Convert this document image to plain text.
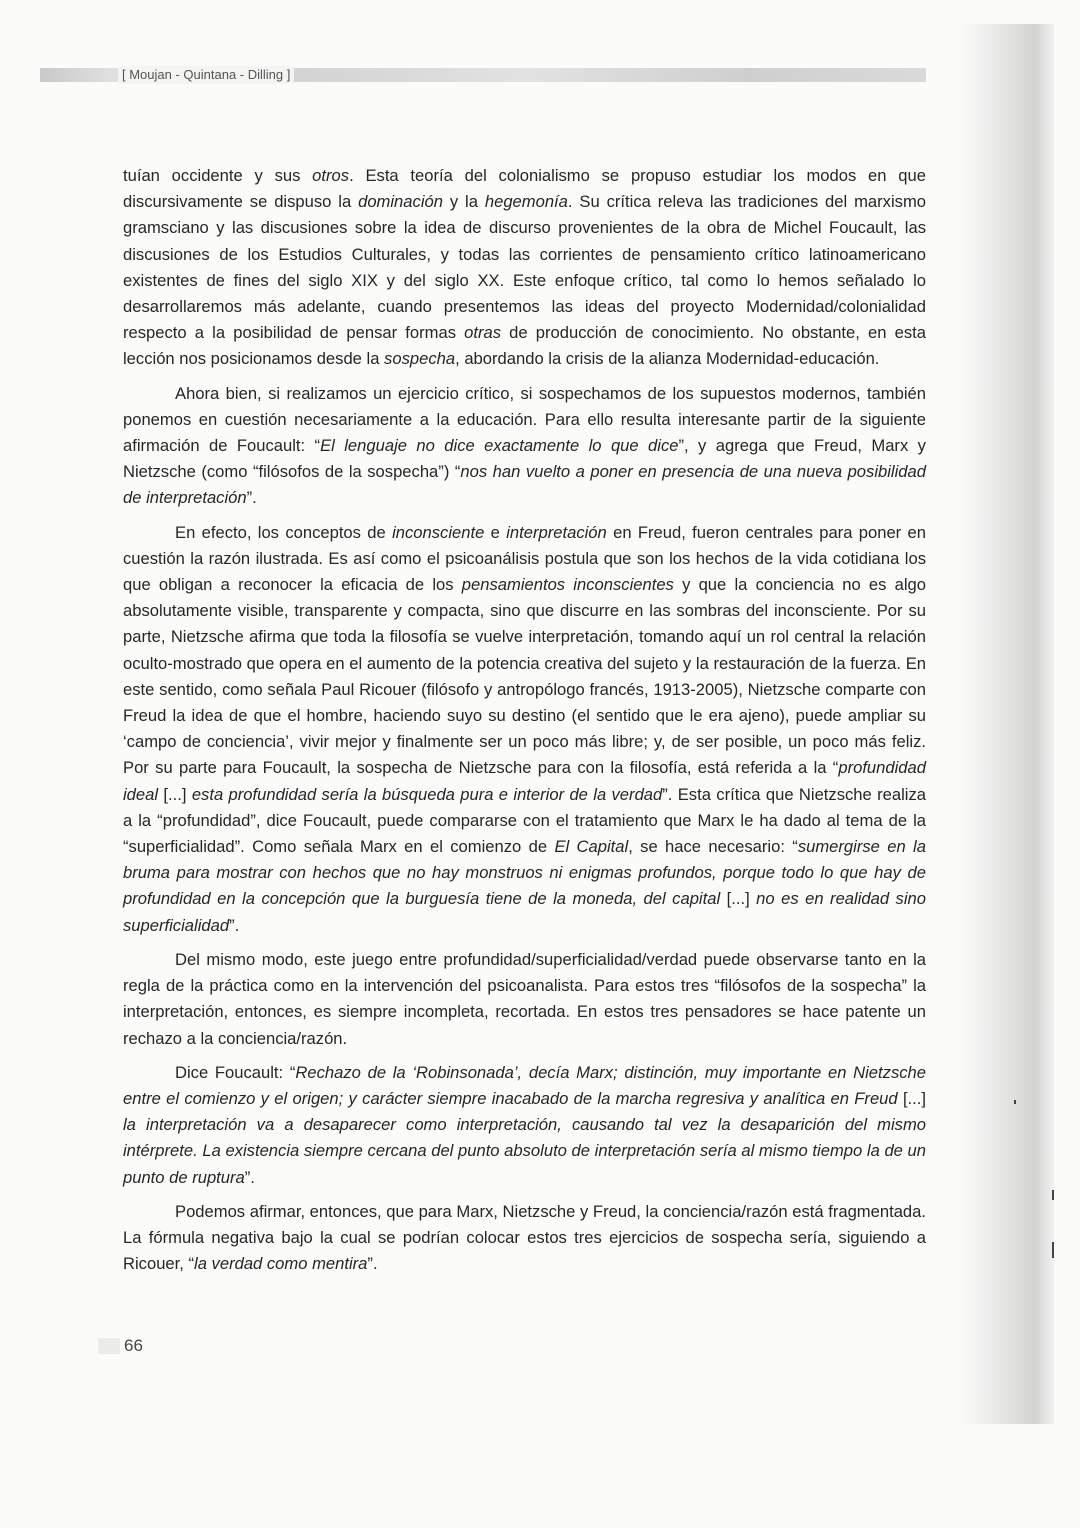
[ Moujan - Quintana - Dilling ]

tuían occidente y sus otros. Esta teoría del colonialismo se propuso estudiar los modos en que discursivamente se dispuso la dominación y la hegemonía. Su crítica releva las tradiciones del marxismo gramsciano y las discusiones sobre la idea de discurso provenientes de la obra de Michel Foucault, las discusiones de los Estudios Culturales, y todas las corrientes de pensamiento crítico latinoamericano existentes de fines del siglo XIX y del siglo XX. Este enfoque crítico, tal como lo hemos señalado lo desarrollaremos más adelante, cuando presentemos las ideas del proyecto Modernidad/colonialidad respecto a la posibilidad de pensar formas otras de producción de conocimiento. No obstante, en esta lección nos posicionamos desde la sospecha, abordando la crisis de la alianza Modernidad-educación.

Ahora bien, si realizamos un ejercicio crítico, si sospechamos de los supuestos modernos, también ponemos en cuestión necesariamente a la educación. Para ello resulta interesante partir de la siguiente afirmación de Foucault: “El lenguaje no dice exactamente lo que dice”, y agrega que Freud, Marx y Nietzsche (como “filósofos de la sospecha”) “nos han vuelto a poner en presencia de una nueva posibilidad de interpretación”.

En efecto, los conceptos de inconsciente e interpretación en Freud, fueron centrales para poner en cuestión la razón ilustrada. Es así como el psicoanálisis postula que son los hechos de la vida cotidiana los que obligan a reconocer la eficacia de los pensamientos inconscientes y que la conciencia no es algo absolutamente visible, transparente y compacta, sino que discurre en las sombras del inconsciente. Por su parte, Nietzsche afirma que toda la filosofía se vuelve interpretación, tomando aquí un rol central la relación oculto-mostrado que opera en el aumento de la potencia creativa del sujeto y la restauración de la fuerza. En este sentido, como señala Paul Ricouer (filósofo y antropólogo francés, 1913-2005), Nietzsche comparte con Freud la idea de que el hombre, haciendo suyo su destino (el sentido que le era ajeno), puede ampliar su ‘campo de conciencia’, vivir mejor y finalmente ser un poco más libre; y, de ser posible, un poco más feliz. Por su parte para Foucault, la sospecha de Nietzsche para con la filosofía, está referida a la “profundidad ideal [...] esta profundidad sería la búsqueda pura e interior de la verdad”. Esta crítica que Nietzsche realiza a la “profundidad”, dice Foucault, puede compararse con el tratamiento que Marx le ha dado al tema de la “superficialidad”. Como señala Marx en el comienzo de El Capital, se hace necesario: “sumergirse en la bruma para mostrar con hechos que no hay monstruos ni enigmas profundos, porque todo lo que hay de profundidad en la concepción que la burguesía tiene de la moneda, del capital [...] no es en realidad sino superficialidad”.

Del mismo modo, este juego entre profundidad/superficialidad/verdad puede observarse tanto en la regla de la práctica como en la intervención del psicoanalista. Para estos tres “filósofos de la sospecha” la interpretación, entonces, es siempre incompleta, recortada. En estos tres pensadores se hace patente un rechazo a la conciencia/razón.

Dice Foucault: “Rechazo de la ‘Robinsonada’, decía Marx; distinción, muy importante en Nietzsche entre el comienzo y el origen; y carácter siempre inacabado de la marcha regresiva y analítica en Freud [...] la interpretación va a desaparecer como interpretación, causando tal vez la desaparición del mismo intérprete. La existencia siempre cercana del punto absoluto de interpretación sería al mismo tiempo la de un punto de ruptura”.

Podemos afirmar, entonces, que para Marx, Nietzsche y Freud, la conciencia/razón está fragmentada. La fórmula negativa bajo la cual se podrían colocar estos tres ejercicios de sospecha sería, siguiendo a Ricouer, “la verdad como mentira”.

66
